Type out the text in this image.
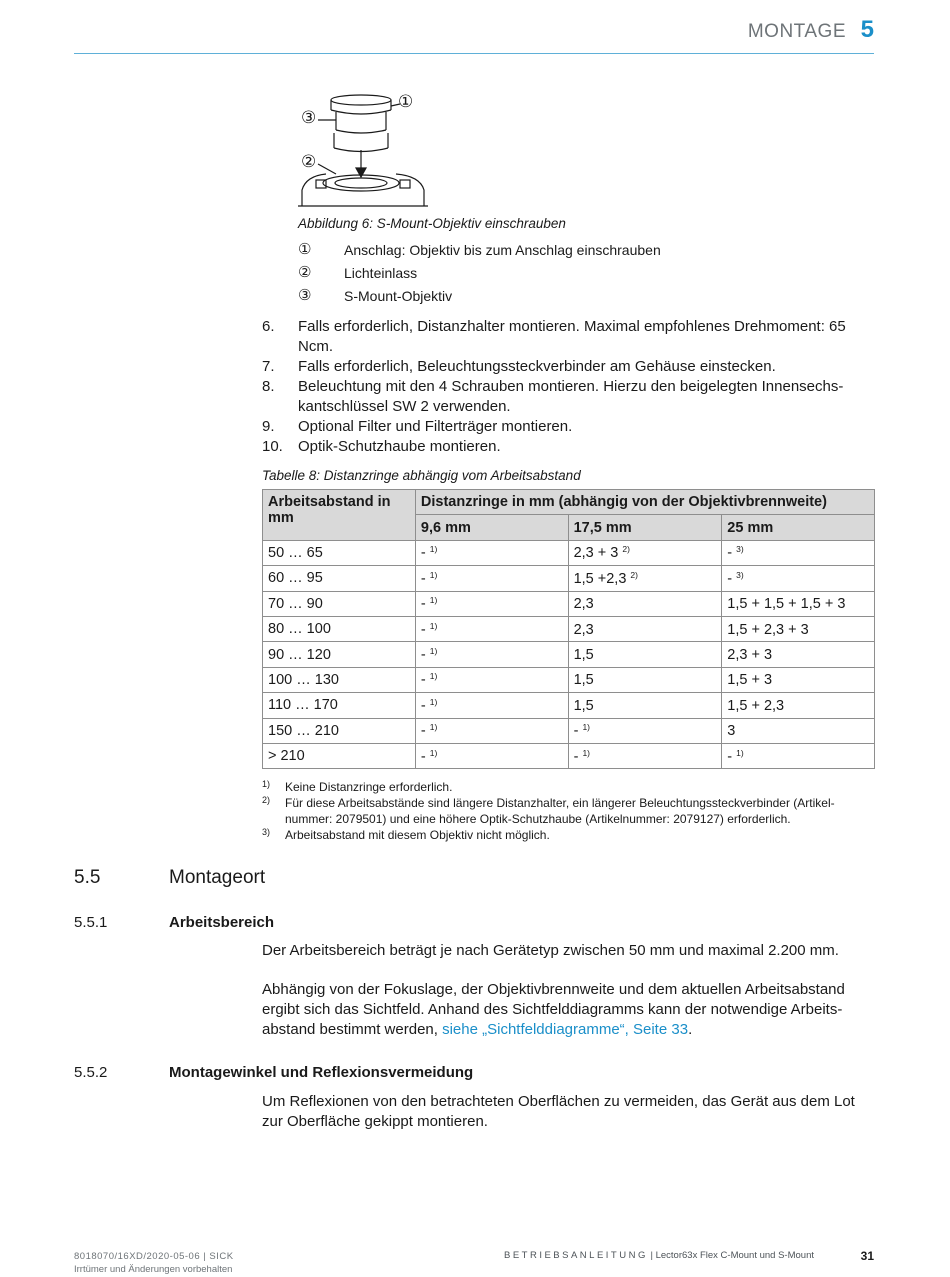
MONTAGE 5
①
③
②
Abbildung 6: S-Mount-Objektiv einschrauben
① Anschlag: Objektiv bis zum Anschlag einschrauben
② Lichteinlass
③ S-Mount-Objektiv
6. Falls erforderlich, Distanzhalter montieren. Maximal empfohlenes Drehmoment: 65 Ncm.
7. Falls erforderlich, Beleuchtungssteckverbinder am Gehäuse einstecken.
8. Beleuchtung mit den 4 Schrauben montieren. Hierzu den beigelegten Innensechskantschlüssel SW 2 verwenden.
9. Optional Filter und Filterträger montieren.
10. Optik-Schutzhaube montieren.
Tabelle 8: Distanzringe abhängig vom Arbeitsabstand
Arbeitsabstand in mm	Distanzringe in mm (abhängig von der Objektivbrennweite)		
	9,6 mm	17,5 mm	25 mm
50 … 65	- $^{1)}$	2,3 + 3 $^{2)}$	- $^{3)}$
60 … 95	- $^{1)}$	1,5 +2,3 $^{2)}$	- $^{3)}$
70 … 90	- $^{1)}$	2,3	1,5 + 1,5 + 1,5 + 3
80 … 100	- $^{1)}$	2,3	1,5 + 2,3 + 3
90 … 120	- $^{1)}$	1,5	2,3 + 3
100 … 130	- $^{1)}$	1,5	1,5 + 3
110 … 170	- $^{1)}$	1,5	1,5 + 2,3
150 … 210	- $^{1)}$	- $^{1)}$	3
> 210	- $^{1)}$	- $^{1)}$	- $^{1)}$
1) Keine Distanzringe erforderlich.
2) Für diese Arbeitsabstände sind längere Distanzhalter, ein längerer Beleuchtungssteckverbinder (Artikelnummer: 2079501) und eine höhere Optik-Schutzhaube (Artikelnummer: 2079127) erforderlich.
3) Arbeitsabstand mit diesem Objektiv nicht möglich.
5.5	Montageort
5.5.1	Arbeitsbereich
Der Arbeitsbereich beträgt je nach Gerätetyp zwischen 50 mm und maximal 2.200 mm.
Abhängig von der Fokuslage, der Objektivbrennweite und dem aktuellen Arbeitsabstand ergibt sich das Sichtfeld. Anhand des Sichtfelddiagramms kann der notwendige Arbeitsabstand bestimmt werden, siehe „Sichtfelddiagramme“, Seite 33.
5.5.2	Montagewinkel und Reflexionsvermeidung
Um Reflexionen von den betrachteten Oberflächen zu vermeiden, das Gerät aus dem Lot zur Oberfläche gekippt montieren.
8018070/16XD/2020-05-06 | SICK
Irrtümer und Änderungen vorbehalten
BETRIEBSANLEITUNG | Lector63x Flex C-Mount und S-Mount	31
